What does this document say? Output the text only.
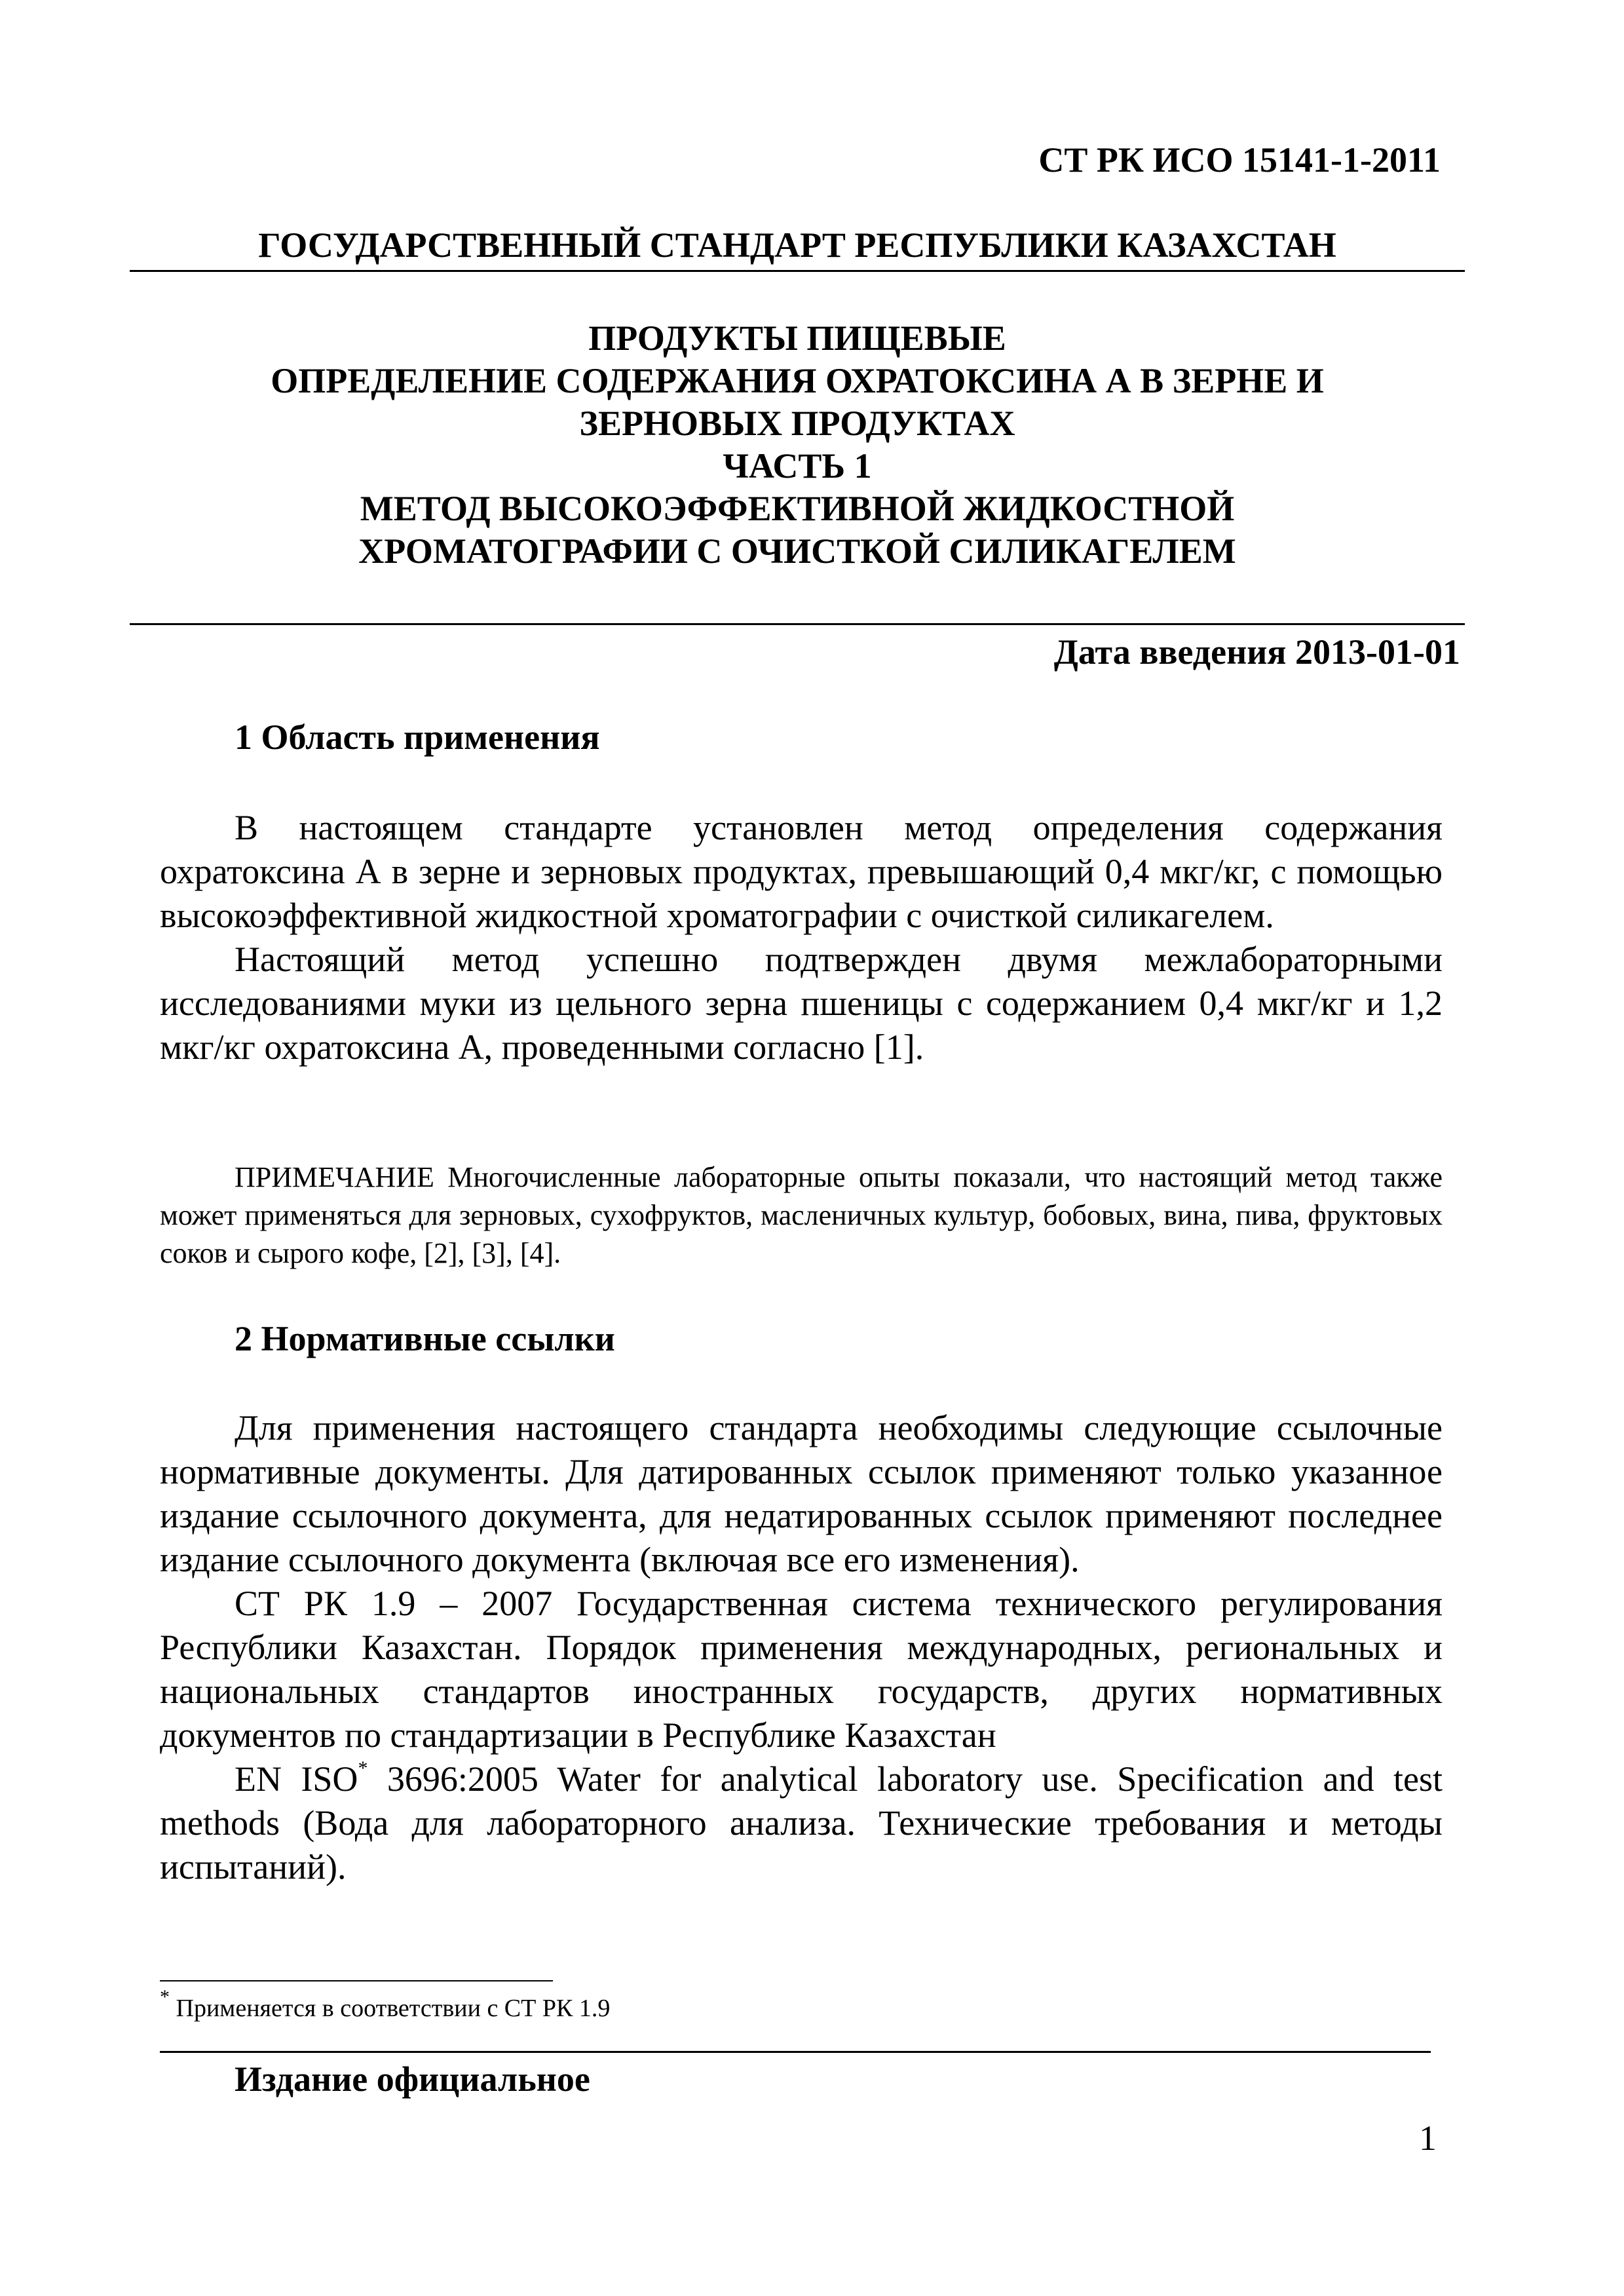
СТ РК ИСО 15141-1-2011
ГОСУДАРСТВЕННЫЙ СТАНДАРТ РЕСПУБЛИКИ КАЗАХСТАН
ПРОДУКТЫ ПИЩЕВЫЕ
ОПРЕДЕЛЕНИЕ СОДЕРЖАНИЯ ОХРАТОКСИНА А В ЗЕРНЕ И
ЗЕРНОВЫХ ПРОДУКТАХ
ЧАСТЬ 1
МЕТОД ВЫСОКОЭФФЕКТИВНОЙ ЖИДКОСТНОЙ
ХРОМАТОГРАФИИ С ОЧИСТКОЙ СИЛИКАГЕЛЕМ
Дата введения 2013-01-01
1 Область применения

В настоящем стандарте установлен метод определения содержания охратоксина А в зерне и зерновых продуктах, превышающий 0,4 мкг/кг, с помощью высокоэффективной жидкостной хроматографии с очисткой силикагелем.

Настоящий метод успешно подтвержден двумя межлабораторными исследованиями муки из цельного зерна пшеницы с содержанием 0,4 мкг/кг и 1,2 мкг/кг охратоксина А, проведенными согласно [1].

ПРИМЕЧАНИЕ Многочисленные лабораторные опыты показали, что настоящий метод также может применяться для зерновых, сухофруктов, масленичных культур, бобовых, вина, пива, фруктовых соков и сырого кофе, [2], [3], [4].
2 Нормативные ссылки

Для применения настоящего стандарта необходимы следующие ссылочные нормативные документы. Для датированных ссылок применяют только указанное издание ссылочного документа, для недатированных ссылок применяют последнее издание ссылочного документа (включая все его изменения).

СТ РК 1.9 – 2007 Государственная система технического регулирования Республики Казахстан. Порядок применения международных, региональных и национальных стандартов иностранных государств, других нормативных документов по стандартизации в Республике Казахстан

EN ISO* 3696:2005 Water for analytical laboratory use. Specification and test methods (Вода для лабораторного анализа. Технические требования и методы испытаний).

* Применяется в соответствии с СТ РК 1.9
Издание официальное
1
